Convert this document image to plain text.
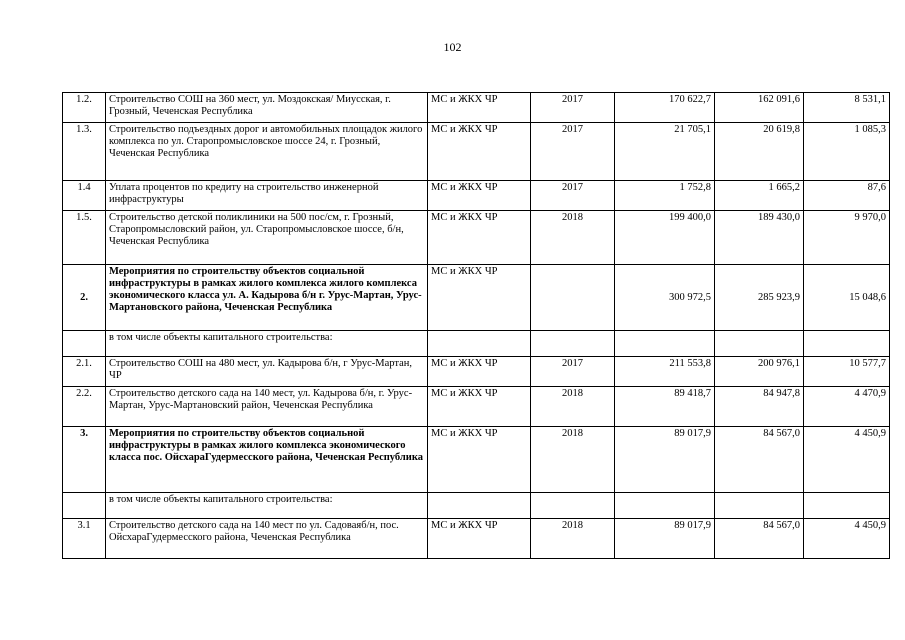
102
1.2.	Строительство СОШ на 360 мест, ул. Моздокская/ Миусская, г. Грозный, Чеченская Республика	МС и ЖКХ ЧР	2017	170 622,7	162 091,6	8 531,1
1.3.	Строительство подъездных дорог и автомобильных площадок жилого комплекса по ул. Старопромысловское шоссе 24, г. Грозный, Чеченская Республика	МС и ЖКХ ЧР	2017	21 705,1	20 619,8	1 085,3
1.4	Уплата процентов по кредиту на строительство инженерной инфраструктуры	МС и ЖКХ ЧР	2017	1 752,8	1 665,2	87,6
1.5.	Строительство детской поликлиники на 500 пос/см, г. Грозный, Старопромысловский район, ул. Старопромысловское шоссе, б/н, Чеченская Республика	МС и ЖКХ ЧР	2018	199 400,0	189 430,0	9 970,0
2.	Мероприятия по строительству объектов социальной инфраструктуры в рамках жилого комплекса жилого комплекса экономического класса ул. А. Кадырова б/н г. Урус-Мартан, Урус-Мартановского района, Чеченская Республика	МС и ЖКХ ЧР		300 972,5	285 923,9	15 048,6
	в том числе объекты капитального строительства:					
2.1.	Строительство СОШ на 480 мест, ул. Кадырова б/н, г Урус-Мартан, ЧР	МС и ЖКХ ЧР	2017	211 553,8	200 976,1	10 577,7
2.2.	Строительство детского сада на 140 мест, ул. Кадырова б/н, г. Урус-Мартан, Урус-Мартановский район, Чеченская Республика	МС и ЖКХ ЧР	2018	89 418,7	84 947,8	4 470,9
3.	Мероприятия по строительству объектов социальной инфраструктуры в рамках жилого комплекса экономического класса пос. ОйсхараГудермесского района, Чеченская Республика	МС и ЖКХ ЧР	2018	89 017,9	84 567,0	4 450,9
	в том числе объекты капитального строительства:					
3.1	Строительство детского сада на 140 мест по ул. Садоваяб/н, пос. ОйсхараГудермесского района, Чеченская Республика	МС и ЖКХ ЧР	2018	89 017,9	84 567,0	4 450,9
